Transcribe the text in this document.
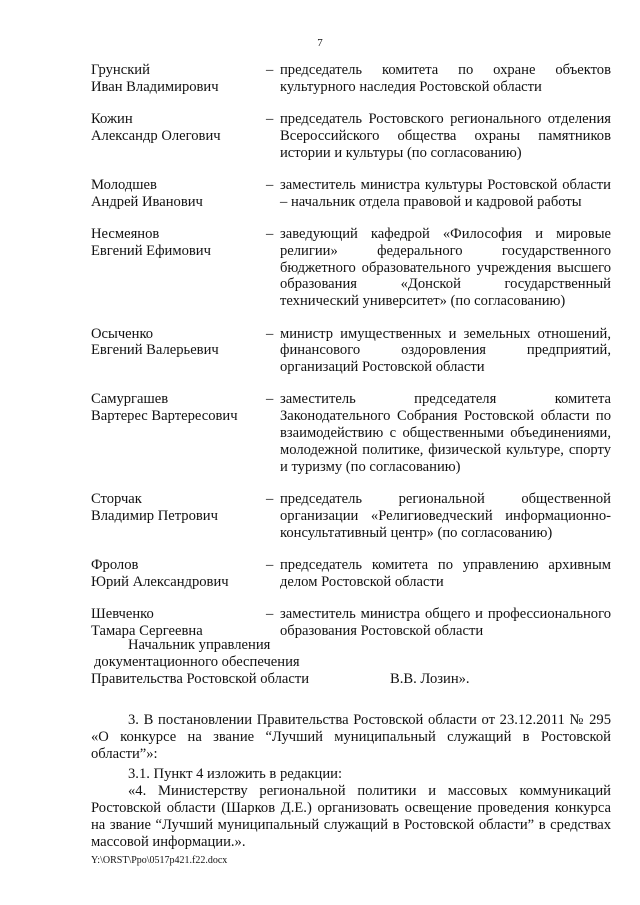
7
Грунский
Иван Владимирович
– председатель комитета по охране объектов культурного наследия Ростовской области
Кожин
Александр Олегович
– председатель Ростовского регионального отделения Всероссийского общества охраны памятников истории и культуры (по согласованию)
Молодшев
Андрей Иванович
– заместитель министра культуры Ростовской области – начальник отдела правовой и кадровой работы
Несмеянов
Евгений Ефимович
– заведующий кафедрой «Философия и мировые религии» федерального государственного бюджетного образовательного учреждения высшего образования «Донской государственный технический университет» (по согласованию)
Осыченко
Евгений Валерьевич
– министр имущественных и земельных отношений, финансового оздоровления предприятий, организаций Ростовской области
Самургашев
Вартерес Вартересович
– заместитель председателя комитета Законодательного Собрания Ростовской области по взаимодействию с общественными объединениями, молодежной политике, физической культуре, спорту и туризму (по согласованию)
Сторчак
Владимир Петрович
– председатель региональной общественной организации «Религиоведческий информационно-консультативный центр» (по согласованию)
Фролов
Юрий Александрович
– председатель комитета по управлению архивным делом Ростовской области
Шевченко
Тамара Сергеевна
– заместитель министра общего и профессионального образования Ростовской области
Начальник управления
документационного обеспечения
Правительства Ростовской области	В.В. Лозин».

3. В постановлении Правительства Ростовской области от 23.12.2011 № 295 «О конкурсе на звание “Лучший муниципальный служащий в Ростовской области”»:

3.1. Пункт 4 изложить в редакции:

«4. Министерству региональной политики и массовых коммуникаций Ростовской области (Шарков Д.Е.) организовать освещение проведения конкурса на звание “Лучший муниципальный служащий в Ростовской области” в средствах массовой информации.».

Y:\ORST\Ppo\0517p421.f22.docx
